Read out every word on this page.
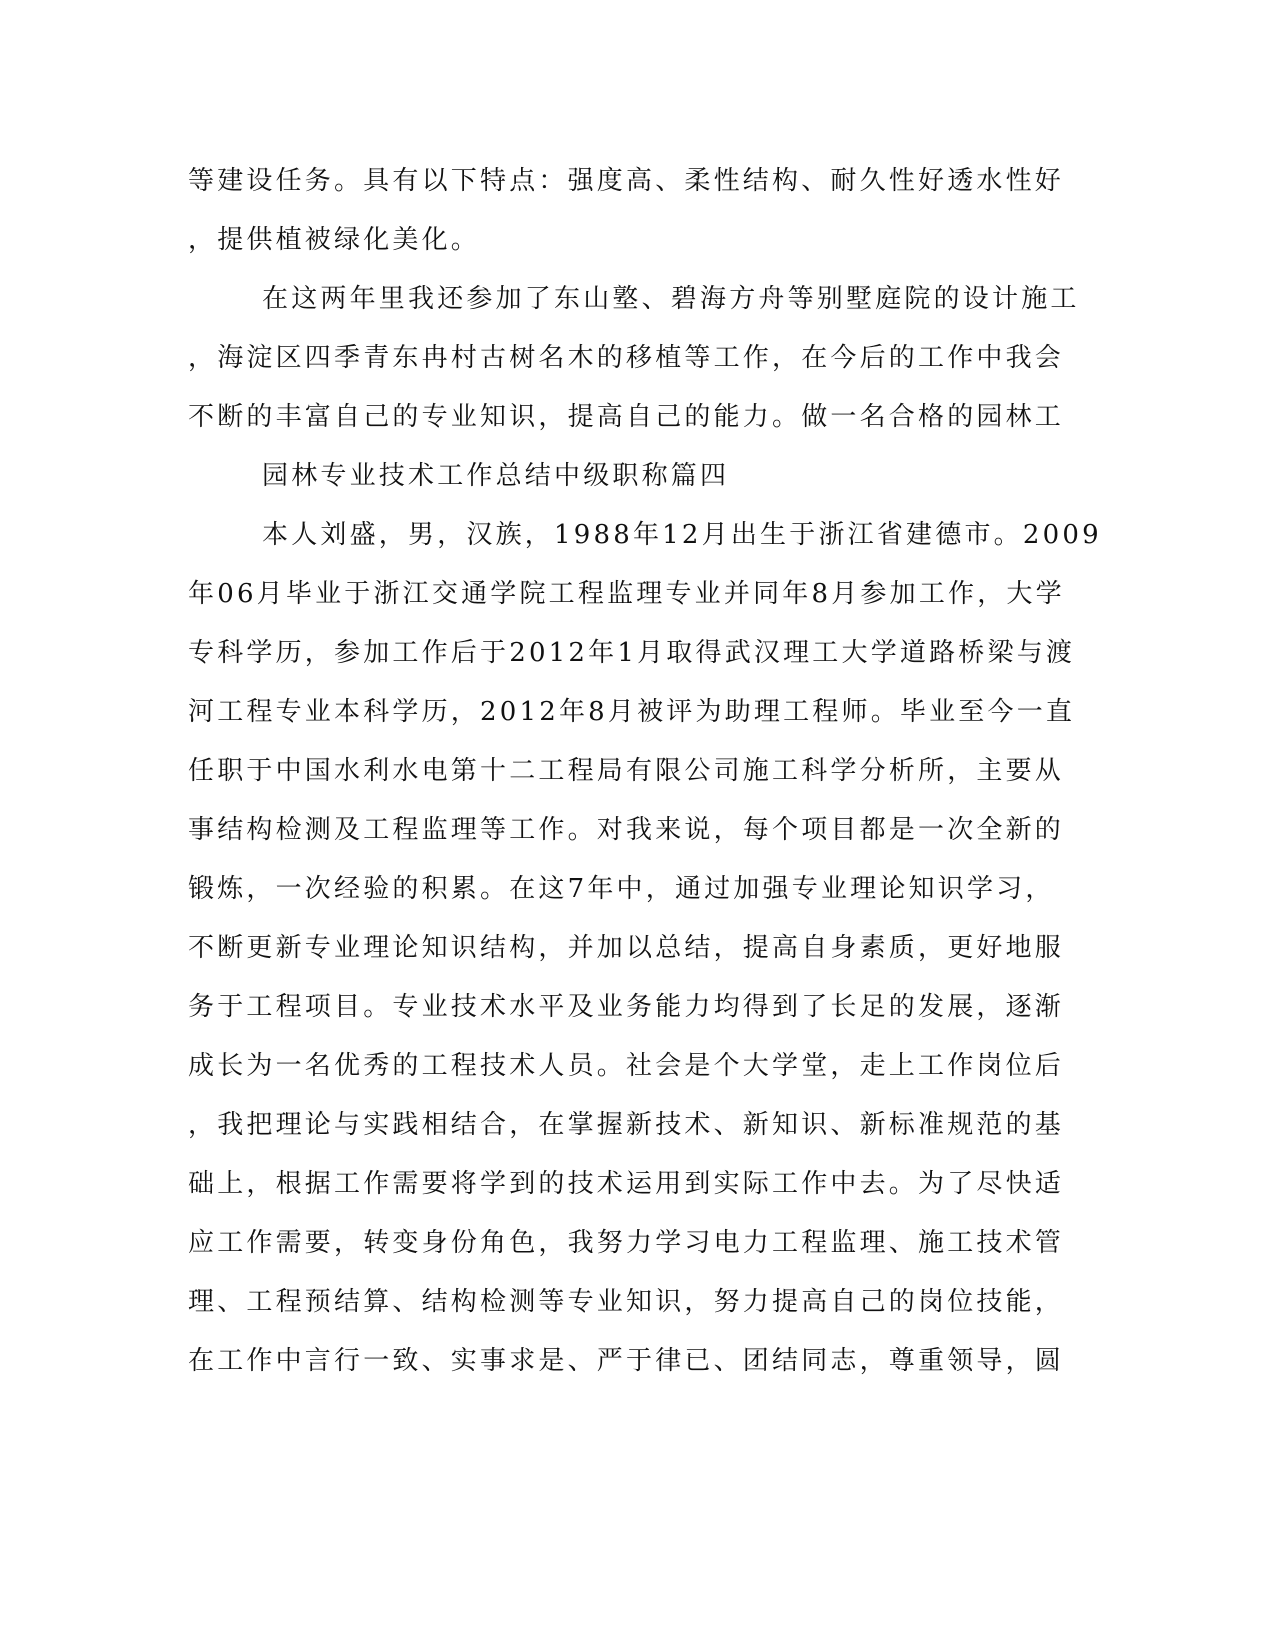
等建设任务。具有以下特点：强度高、柔性结构、耐久性好透水性好
，提供植被绿化美化。
在这两年里我还参加了东山墪、碧海方舟等别墅庭院的设计施工
，海淀区四季青东冉村古树名木的移植等工作，在今后的工作中我会
不断的丰富自己的专业知识，提高自己的能力。做一名合格的园林工
园林专业技术工作总结中级职称篇四
本人刘盛，男，汉族，1988年12月出生于浙江省建德市。2009
年06月毕业于浙江交通学院工程监理专业并同年8月参加工作，大学
专科学历，参加工作后于2012年1月取得武汉理工大学道路桥梁与渡
河工程专业本科学历，2012年8月被评为助理工程师。毕业至今一直
任职于中国水利水电第十二工程局有限公司施工科学分析所，主要从
事结构检测及工程监理等工作。对我来说，每个项目都是一次全新的
锻炼，一次经验的积累。在这7年中，通过加强专业理论知识学习，
不断更新专业理论知识结构，并加以总结，提高自身素质，更好地服
务于工程项目。专业技术水平及业务能力均得到了长足的发展，逐渐
成长为一名优秀的工程技术人员。社会是个大学堂，走上工作岗位后
，我把理论与实践相结合，在掌握新技术、新知识、新标准规范的基
础上，根据工作需要将学到的技术运用到实际工作中去。为了尽快适
应工作需要，转变身份角色，我努力学习电力工程监理、施工技术管
理、工程预结算、结构检测等专业知识，努力提高自己的岗位技能，
在工作中言行一致、实事求是、严于律已、团结同志，尊重领导，圆
